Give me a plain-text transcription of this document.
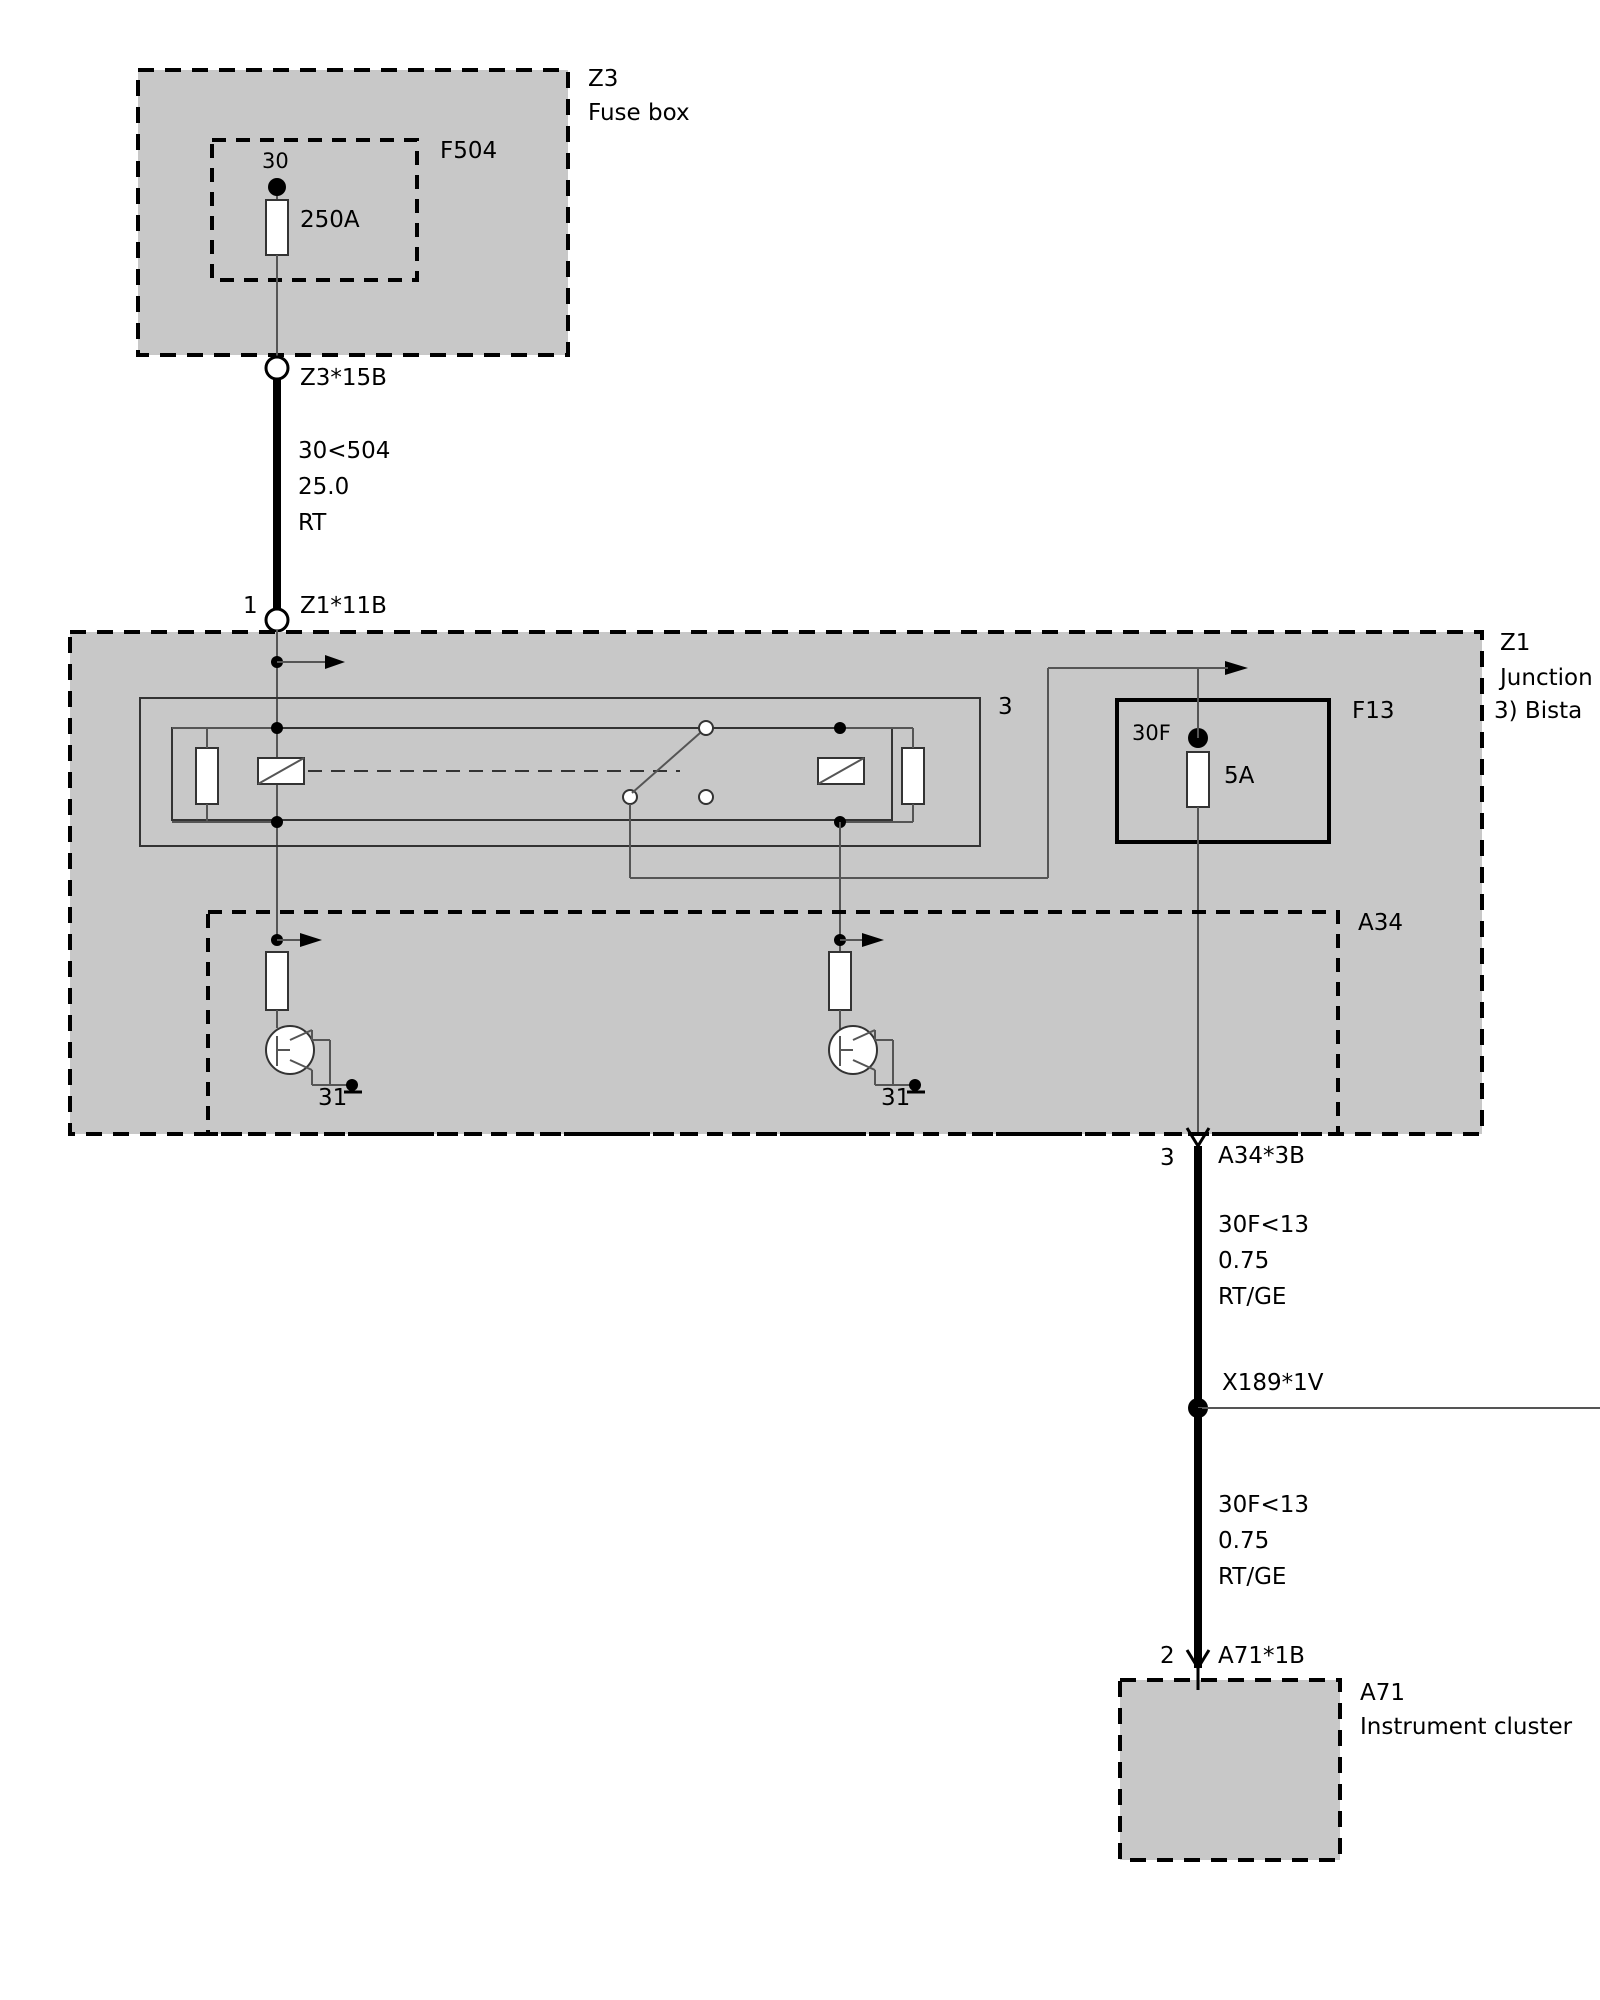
Z3
Fuse box
F504
30
250A
Z3*15B
30<504
25.0
RT
1 Z1*11B
Z1
Junction
3) Bista
3	F13
30F
5A
A34
31	31
3 A34*3B
30F<13
0.75
RT/GE
X189*1V
30F<13
0.75
RT/GE
2 A71*1B
A71
Instrument cluster
